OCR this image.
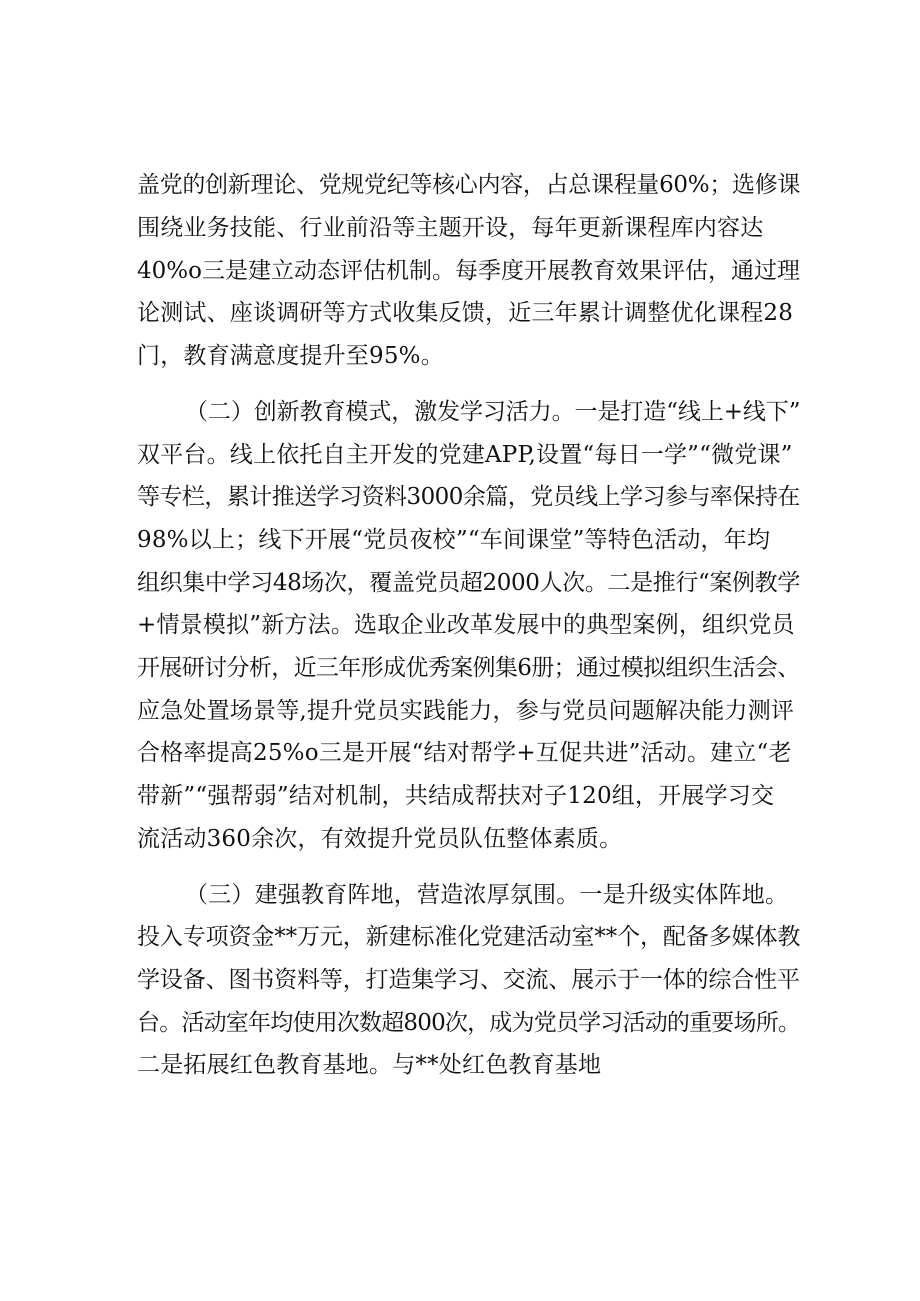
盖党的创新理论、党规党纪等核心内容，占总课程量60%；选修课
围绕业务技能、行业前沿等主题开设，每年更新课程库内容达
40%o三是建立动态评估机制。每季度开展教育效果评估，通过理
论测试、座谈调研等方式收集反馈，近三年累计调整优化课程28
门，教育满意度提升至95%。
（二）创新教育模式，激发学习活力。一是打造“线上+线下”
双平台。线上依托自主开发的党建APP,设置“每日一学”“微党课”
等专栏，累计推送学习资料3000余篇，党员线上学习参与率保持在
98%以上；线下开展“党员夜校”“车间课堂”等特色活动，年均
组织集中学习48场次，覆盖党员超2000人次。二是推行“案例教学
+情景模拟”新方法。选取企业改革发展中的典型案例，组织党员
开展研讨分析，近三年形成优秀案例集6册；通过模拟组织生活会、
应急处置场景等,提升党员实践能力，参与党员问题解决能力测评
合格率提高25%o三是开展“结对帮学+互促共进”活动。建立“老
带新”“强帮弱”结对机制，共结成帮扶对子120组，开展学习交
流活动360余次，有效提升党员队伍整体素质。
（三）建强教育阵地，营造浓厚氛围。一是升级实体阵地。
投入专项资金**万元，新建标准化党建活动室**个，配备多媒体教
学设备、图书资料等，打造集学习、交流、展示于一体的综合性平
台。活动室年均使用次数超800次，成为党员学习活动的重要场所。
二是拓展红色教育基地。与**处红色教育基地
